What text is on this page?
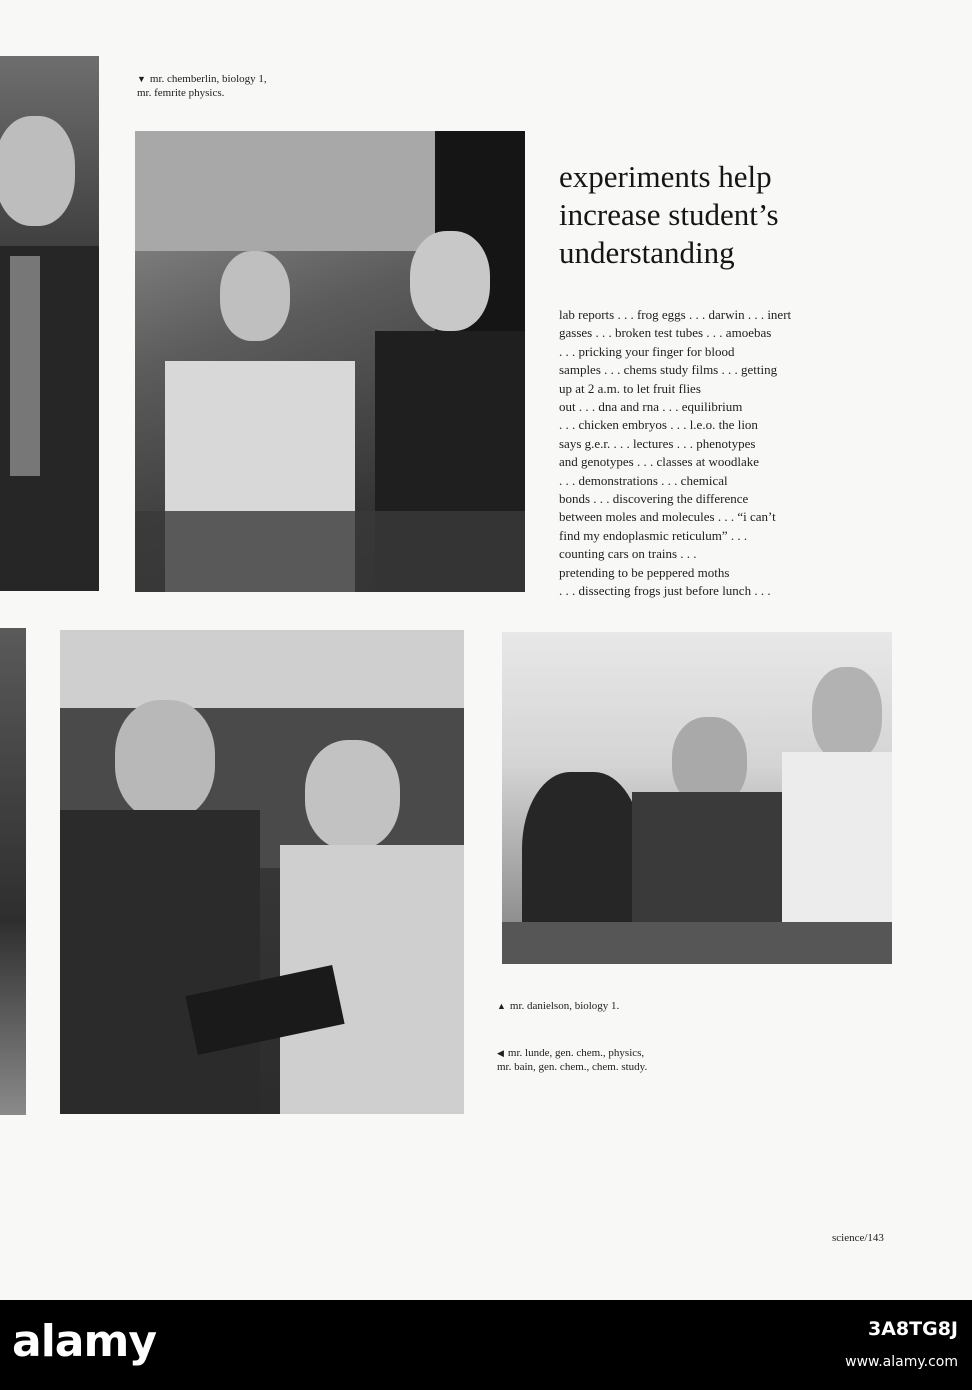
▼ mr. chemberlin, biology 1,
mr. femrite physics.
experiments help
increase student’s
understanding

lab reports . . . frog eggs . . . darwin . . . inert
gasses . . . broken test tubes . . . amoebas
. . . pricking your finger for blood
samples . . . chems study films . . . getting
up at 2 a.m. to let fruit flies
out . . . dna and rna . . . equilibrium
. . . chicken embryos . . . l.e.o. the lion
says g.e.r. . . . lectures . . . phenotypes
and genotypes . . . classes at woodlake
. . . demonstrations . . . chemical
bonds . . . discovering the difference
between moles and molecules . . . “i can’t
find my endoplasmic reticulum” . . .
counting cars on trains . . .
pretending to be peppered moths
. . . dissecting frogs just before lunch . . .

▲ mr. danielson, biology 1.
◀ mr. lunde, gen. chem., physics,
mr. bain, gen. chem., chem. study.
science/143
alamy	3A8TG8J
www.alamy.com
